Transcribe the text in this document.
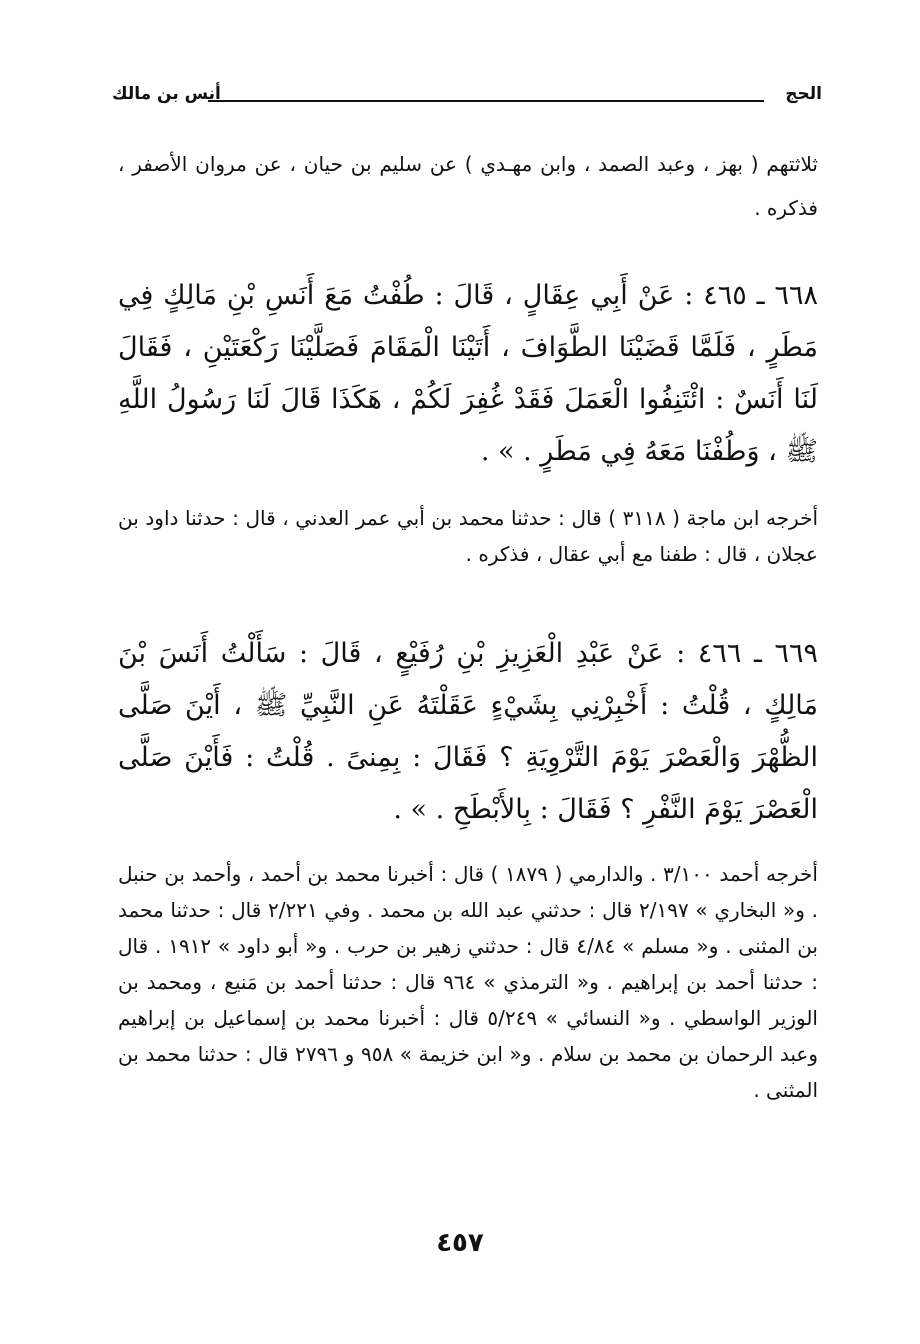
الحج
أنس بن مالك
ثلاثتهم ( بهز ، وعبد الصمد ، وابن مهـدي ) عن سليم بن حيان ، عن مروان الأصفر ، فذكره .
٦٦٨ ـ ٤٦٥ : عَنْ أَبِي عِقَالٍ ، قَالَ : طُفْتُ مَعَ أَنَسِ بْنِ مَالِكٍ فِي مَطَرٍ ، فَلَمَّا قَضَيْنَا الطَّوَافَ ، أَتَيْنَا الْمَقَامَ فَصَلَّيْنَا رَكْعَتَيْنِ ، فَقَالَ لَنَا أَنَسٌ : ائْتَنِفُوا الْعَمَلَ فَقَدْ غُفِرَ لَكُمْ ، هَكَذَا قَالَ لَنَا رَسُولُ اللَّهِ ﷺ ، وَطُفْنَا مَعَهُ فِي مَطَرٍ . » .
أخرجه ابن ماجة ( ٣١١٨ ) قال : حدثنا محمد بن أبي عمر العدني ، قال : حدثنا داود بن عجلان ، قال : طفنا مع أبي عقال ، فذكره .
٦٦٩ ـ ٤٦٦ : عَنْ عَبْدِ الْعَزِيزِ بْنِ رُفَيْعٍ ، قَالَ : سَأَلْتُ أَنَسَ بْنَ مَالِكٍ ، قُلْتُ : أَخْبِرْنِي بِشَيْءٍ عَقَلْتَهُ عَنِ النَّبِيِّ ﷺ ، أَيْنَ صَلَّى الظُّهْرَ وَالْعَصْرَ يَوْمَ التَّرْوِيَةِ ؟ فَقَالَ : بِمِنىً . قُلْتُ : فَأَيْنَ صَلَّى الْعَصْرَ يَوْمَ النَّفْرِ ؟ فَقَالَ : بِالأَبْطَحِ . » .
أخرجه أحمد ٣/١٠٠ . والدارمي ( ١٨٧٩ ) قال : أخبرنا محمد بن أحمد ، وأحمد بن حنبل . و« البخاري » ٢/١٩٧ قال : حدثني عبد الله بن محمد . وفي ٢/٢٢١ قال : حدثنا محمد بن المثنى . و« مسلم » ٤/٨٤ قال : حدثني زهير بن حرب . و« أبو داود » ١٩١٢ . قال : حدثنا أحمد بن إبراهيم . و« الترمذي » ٩٦٤ قال : حدثنا أحمد بن مَنيع ، ومحمد بن الوزير الواسطي . و« النسائي » ٥/٢٤٩ قال : أخبرنا محمد بن إسماعيل بن إبراهيم وعبد الرحمان بن محمد بن سلام . و« ابن خزيمة » ٩٥٨ و ٢٧٩٦ قال : حدثنا محمد بن المثنى .
٤٥٧
